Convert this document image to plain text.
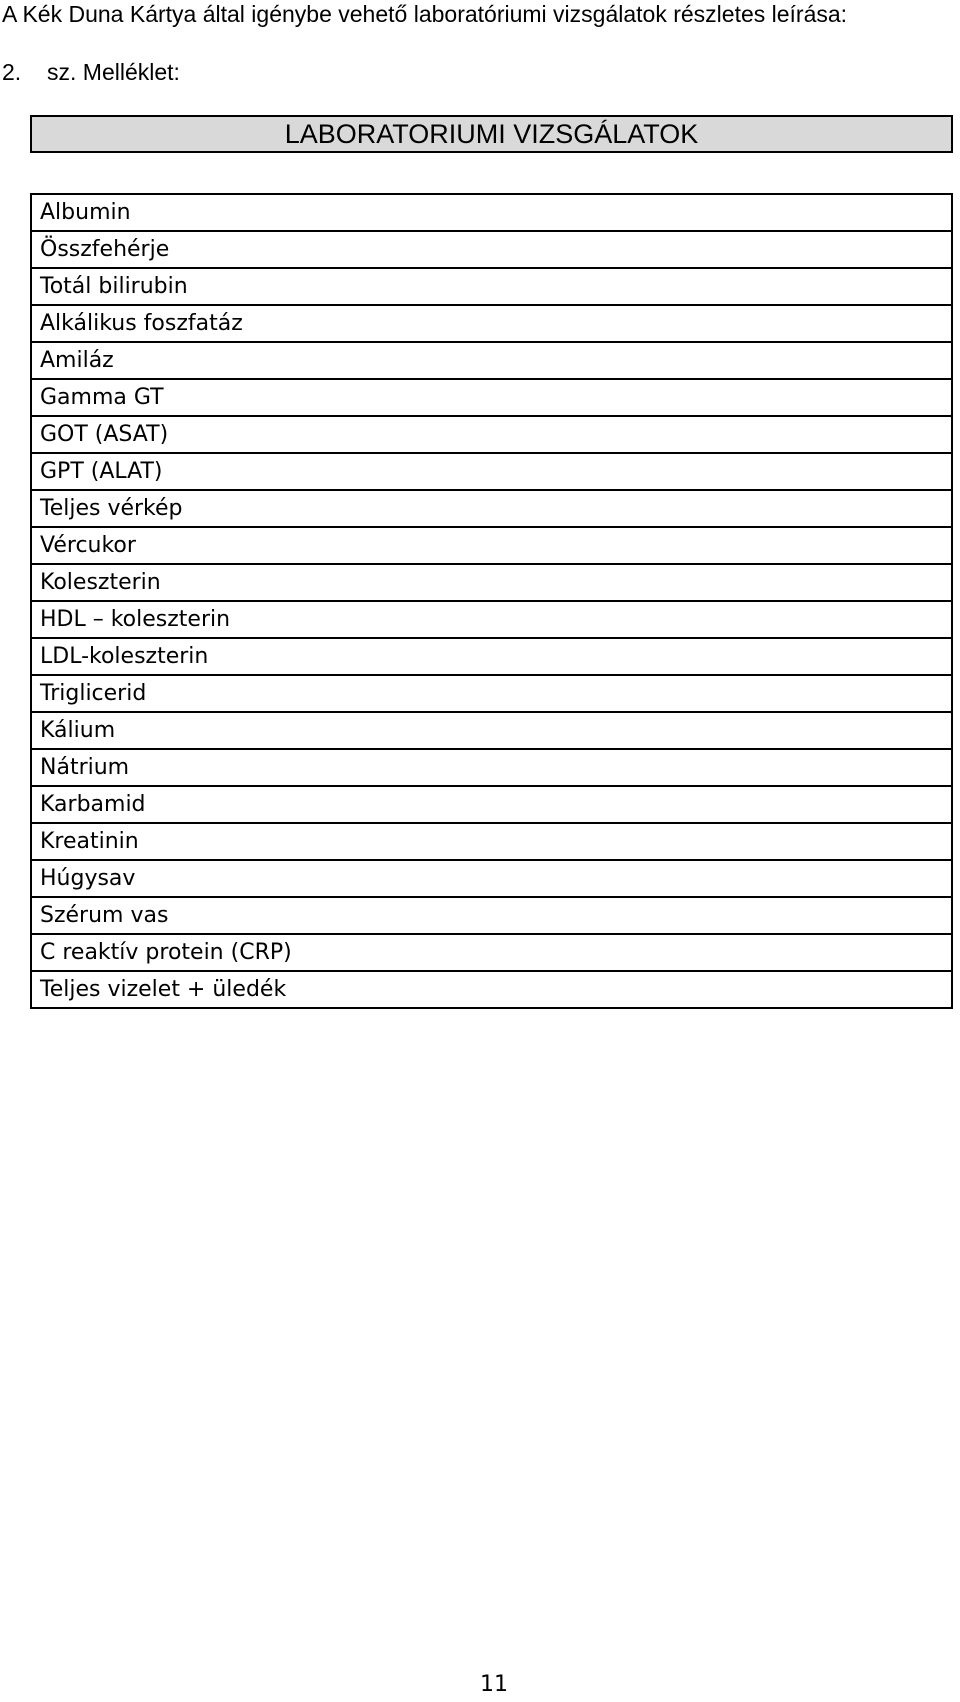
A Kék Duna Kártya által igénybe vehető laboratóriumi vizsgálatok részletes leírása:
2. sz. Melléklet:
LABORATORIUMI VIZSGÁLATOK
Albumin
Összfehérje
Totál bilirubin
Alkálikus foszfatáz
Amiláz
Gamma GT
GOT (ASAT)
GPT (ALAT)
Teljes vérkép
Vércukor
Koleszterin
HDL – koleszterin
LDL-koleszterin
Triglicerid
Kálium
Nátrium
Karbamid
Kreatinin
Húgysav
Szérum vas
C reaktív protein (CRP)
Teljes vizelet + üledék
11
